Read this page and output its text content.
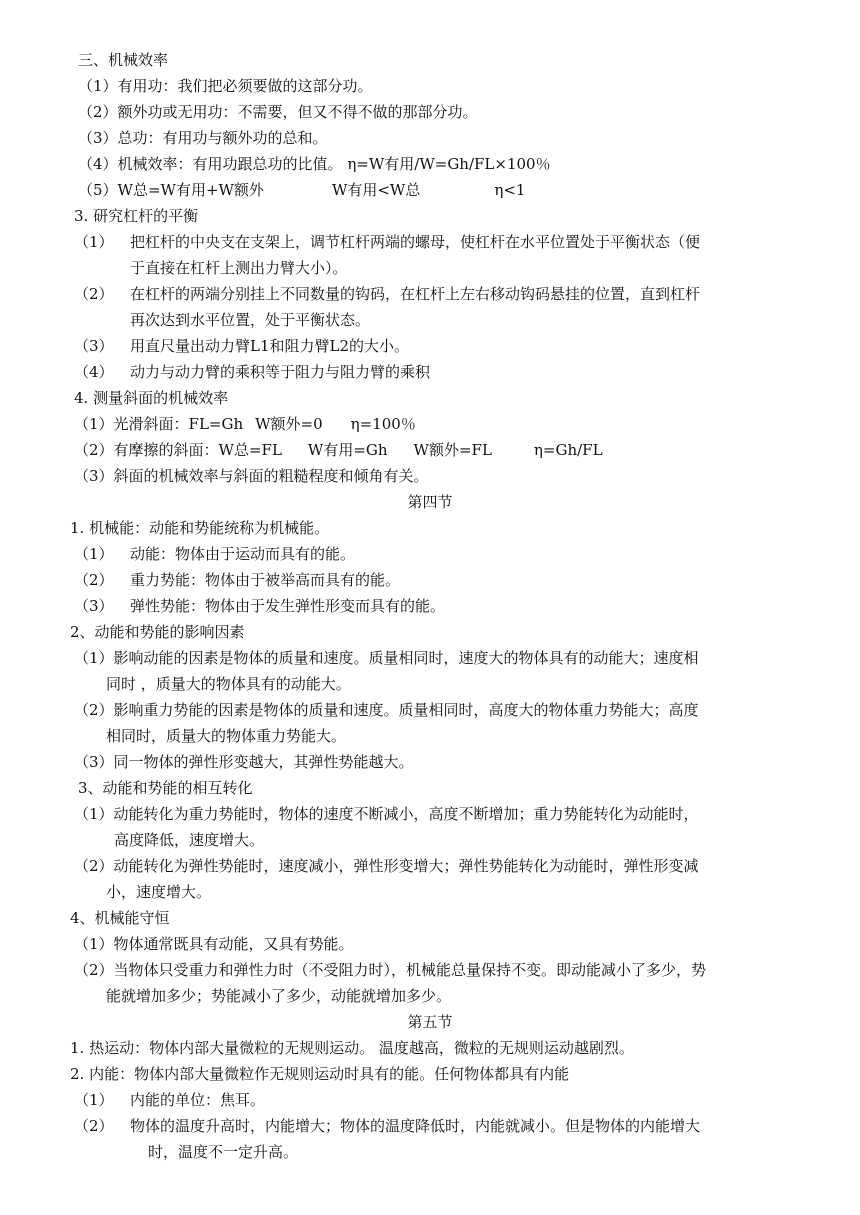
三、机械效率
（1）有用功：我们把必须要做的这部分功。
（2）额外功或无用功：不需要，但又不得不做的那部分功。
（3）总功：有用功与额外功的总和。
（4）机械效率：有用功跟总功的比值。 η=W有用/W=Gh/FL×100％
（5）W总=W有用+W额外	W有用<W总	η<1
3. 研究杠杆的平衡
（1） 把杠杆的中央支在支架上，调节杠杆两端的螺母，使杠杆在水平位置处于平衡状态（便
于直接在杠杆上测出力臂大小）。
（2） 在杠杆的两端分别挂上不同数量的钩码，在杠杆上左右移动钩码悬挂的位置，直到杠杆
再次达到水平位置，处于平衡状态。
（3） 用直尺量出动力臂L1和阻力臂L2的大小。
（4） 动力与动力臂的乘积等于阻力与阻力臂的乘积
4. 测量斜面的机械效率
（1）光滑斜面：FL=Gh W额外=0 η=100％
（2）有摩擦的斜面：W总=FL W有用=Gh W额外=FL	η=Gh/FL
（3）斜面的机械效率与斜面的粗糙程度和倾角有关。
第四节
1. 机械能：动能和势能统称为机械能。
（1） 动能：物体由于运动而具有的能。
（2） 重力势能：物体由于被举高而具有的能。
（3） 弹性势能：物体由于发生弹性形变而具有的能。
2、动能和势能的影响因素
（1）影响动能的因素是物体的质量和速度。质量相同时，速度大的物体具有的动能大；速度相
同时 ，质量大的物体具有的动能大。
（2）影响重力势能的因素是物体的质量和速度。质量相同时，高度大的物体重力势能大；高度
相同时，质量大的物体重力势能大。
（3）同一物体的弹性形变越大，其弹性势能越大。
3、动能和势能的相互转化
（1）动能转化为重力势能时，物体的速度不断减小，高度不断增加；重力势能转化为动能时，
高度降低，速度增大。
（2）动能转化为弹性势能时，速度减小，弹性形变增大；弹性势能转化为动能时，弹性形变减
小，速度增大。
4、机械能守恒
（1）物体通常既具有动能，又具有势能。
（2）当物体只受重力和弹性力时（不受阻力时），机械能总量保持不变。即动能减小了多少，势
能就增加多少；势能减小了多少，动能就增加多少。
第五节
1. 热运动：物体内部大量微粒的无规则运动。 温度越高，微粒的无规则运动越剧烈。
2. 内能：物体内部大量微粒作无规则运动时具有的能。任何物体都具有内能
（1） 内能的单位：焦耳。
（2） 物体的温度升高时，内能增大；物体的温度降低时，内能就减小。但是物体的内能增大
时，温度不一定升高。
